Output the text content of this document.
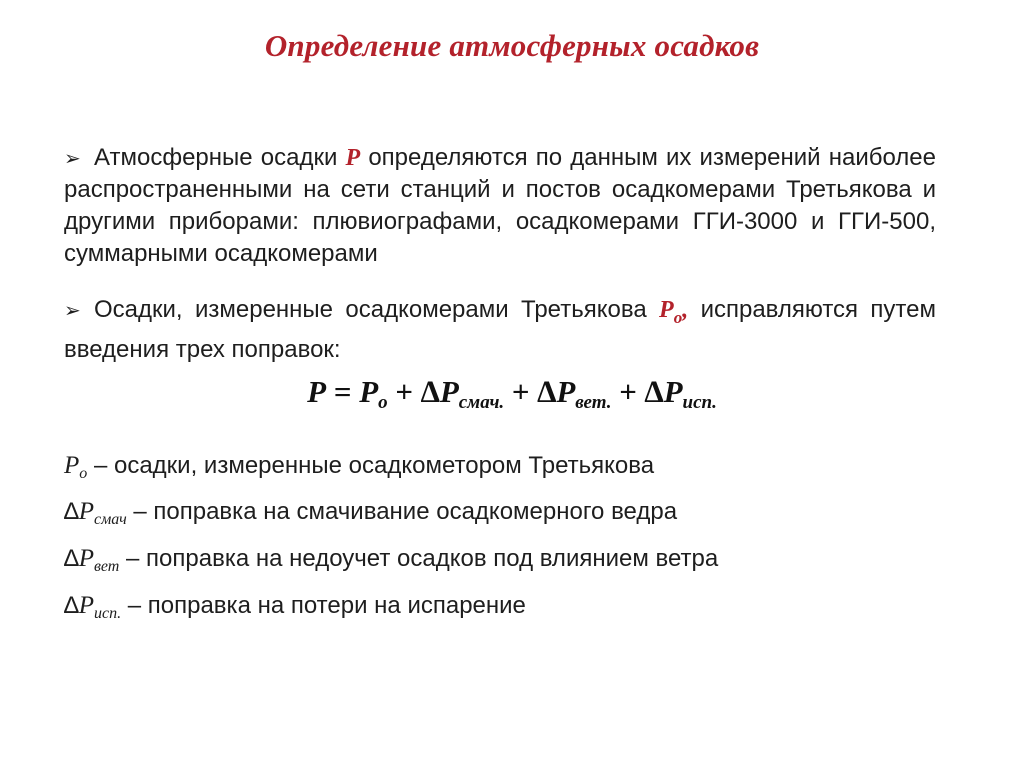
Определение атмосферных осадков
➢ Атмосферные осадки P определяются по данным их измерений наиболее распространенными на сети станций и постов осадкомерами Третьякова и другими приборами: плювиографами, осадкомерами ГГИ-3000 и ГГИ-500, суммарными осадкомерами
➢ Осадки, измеренные осадкомерами Третьякова $P_o$, исправляются путем введения трех поправок:
$P = P_o + \Delta P_{смач.} + \Delta P_{вет.} + \Delta P_{исп.}$
$P_o$ – осадки, измеренные осадкометором Третьякова
$\Delta P_{смач}$ – поправка на смачивание осадкомерного ведра
$\Delta P_{вет}$ – поправка на недоучет осадков под влиянием ветра
$\Delta P_{исп.}$ – поправка на потери на испарение
